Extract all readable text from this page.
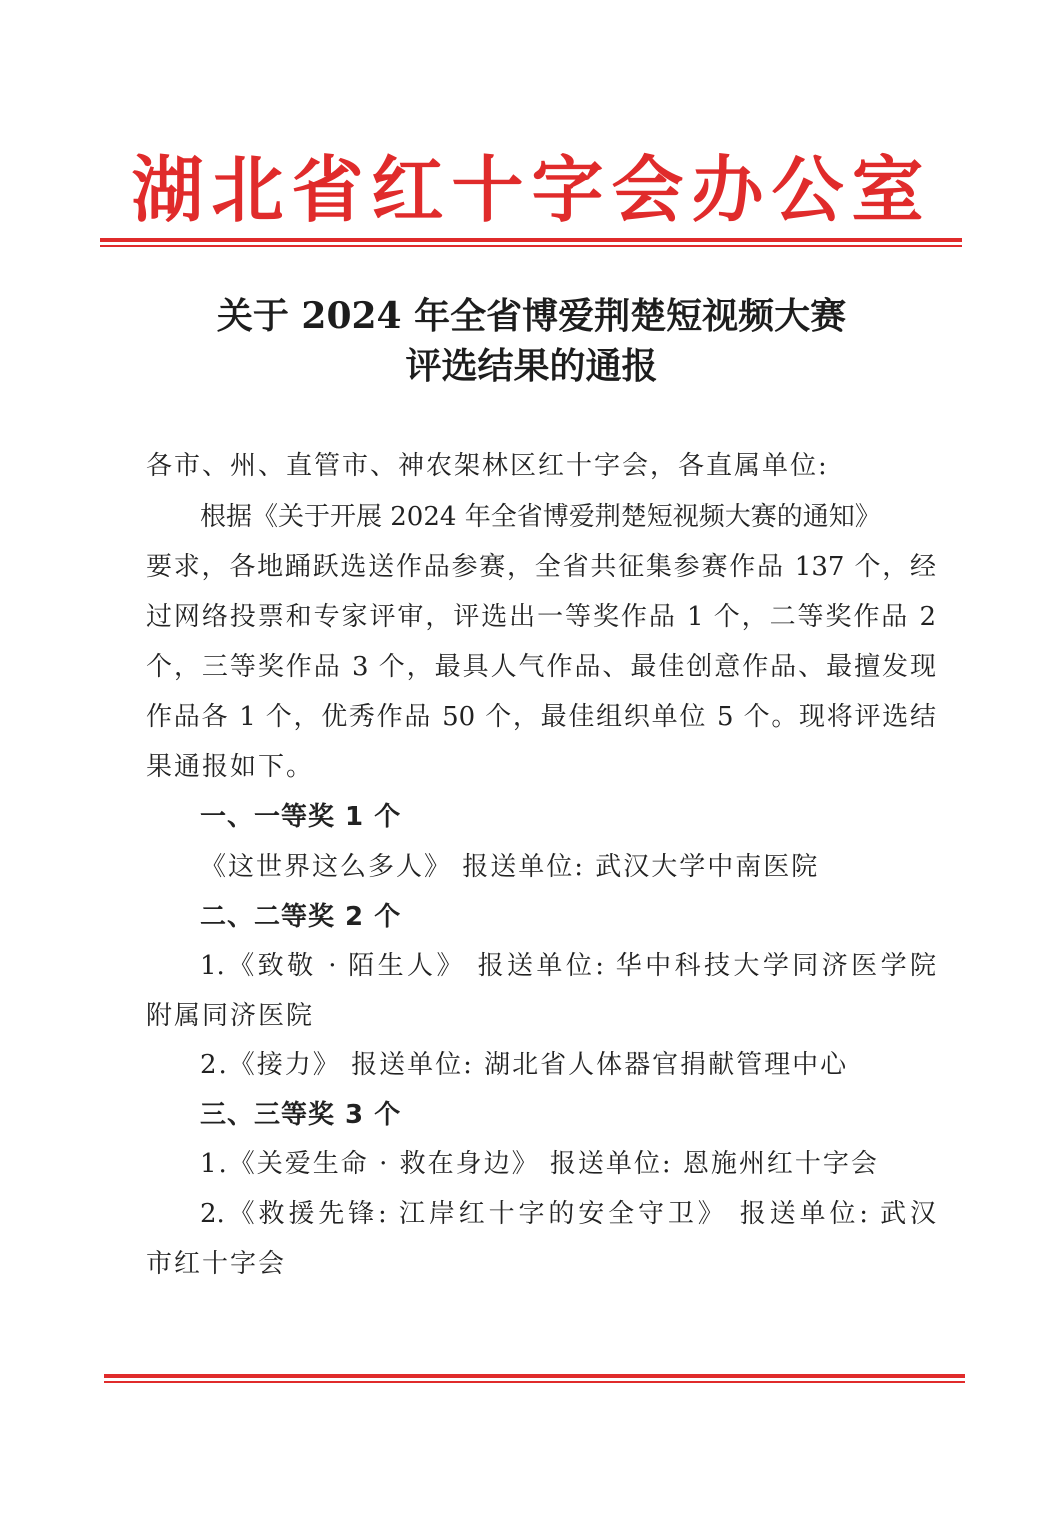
湖北省红十字会办公室
关于 2024 年全省博爱荆楚短视频大赛
评选结果的通报
各市、州、直管市、神农架林区红十字会，各直属单位:
根据《关于开展 2024 年全省博爱荆楚短视频大赛的通知》
要求，各地踊跃选送作品参赛，全省共征集参赛作品 137 个，经
过网络投票和专家评审，评选出一等奖作品 1 个，二等奖作品 2
个，三等奖作品 3 个，最具人气作品、最佳创意作品、最擅发现
作品各 1 个，优秀作品 50 个，最佳组织单位 5 个。现将评选结
果通报如下。
一、一等奖 1 个
《这世界这么多人》 报送单位: 武汉大学中南医院
二、二等奖 2 个
1.《致敬 · 陌生人》 报送单位: 华中科技大学同济医学院
附属同济医院
2.《接力》 报送单位: 湖北省人体器官捐献管理中心
三、三等奖 3 个
1.《关爱生命 · 救在身边》 报送单位: 恩施州红十字会
2.《救援先锋: 江岸红十字的安全守卫》 报送单位: 武汉
市红十字会
